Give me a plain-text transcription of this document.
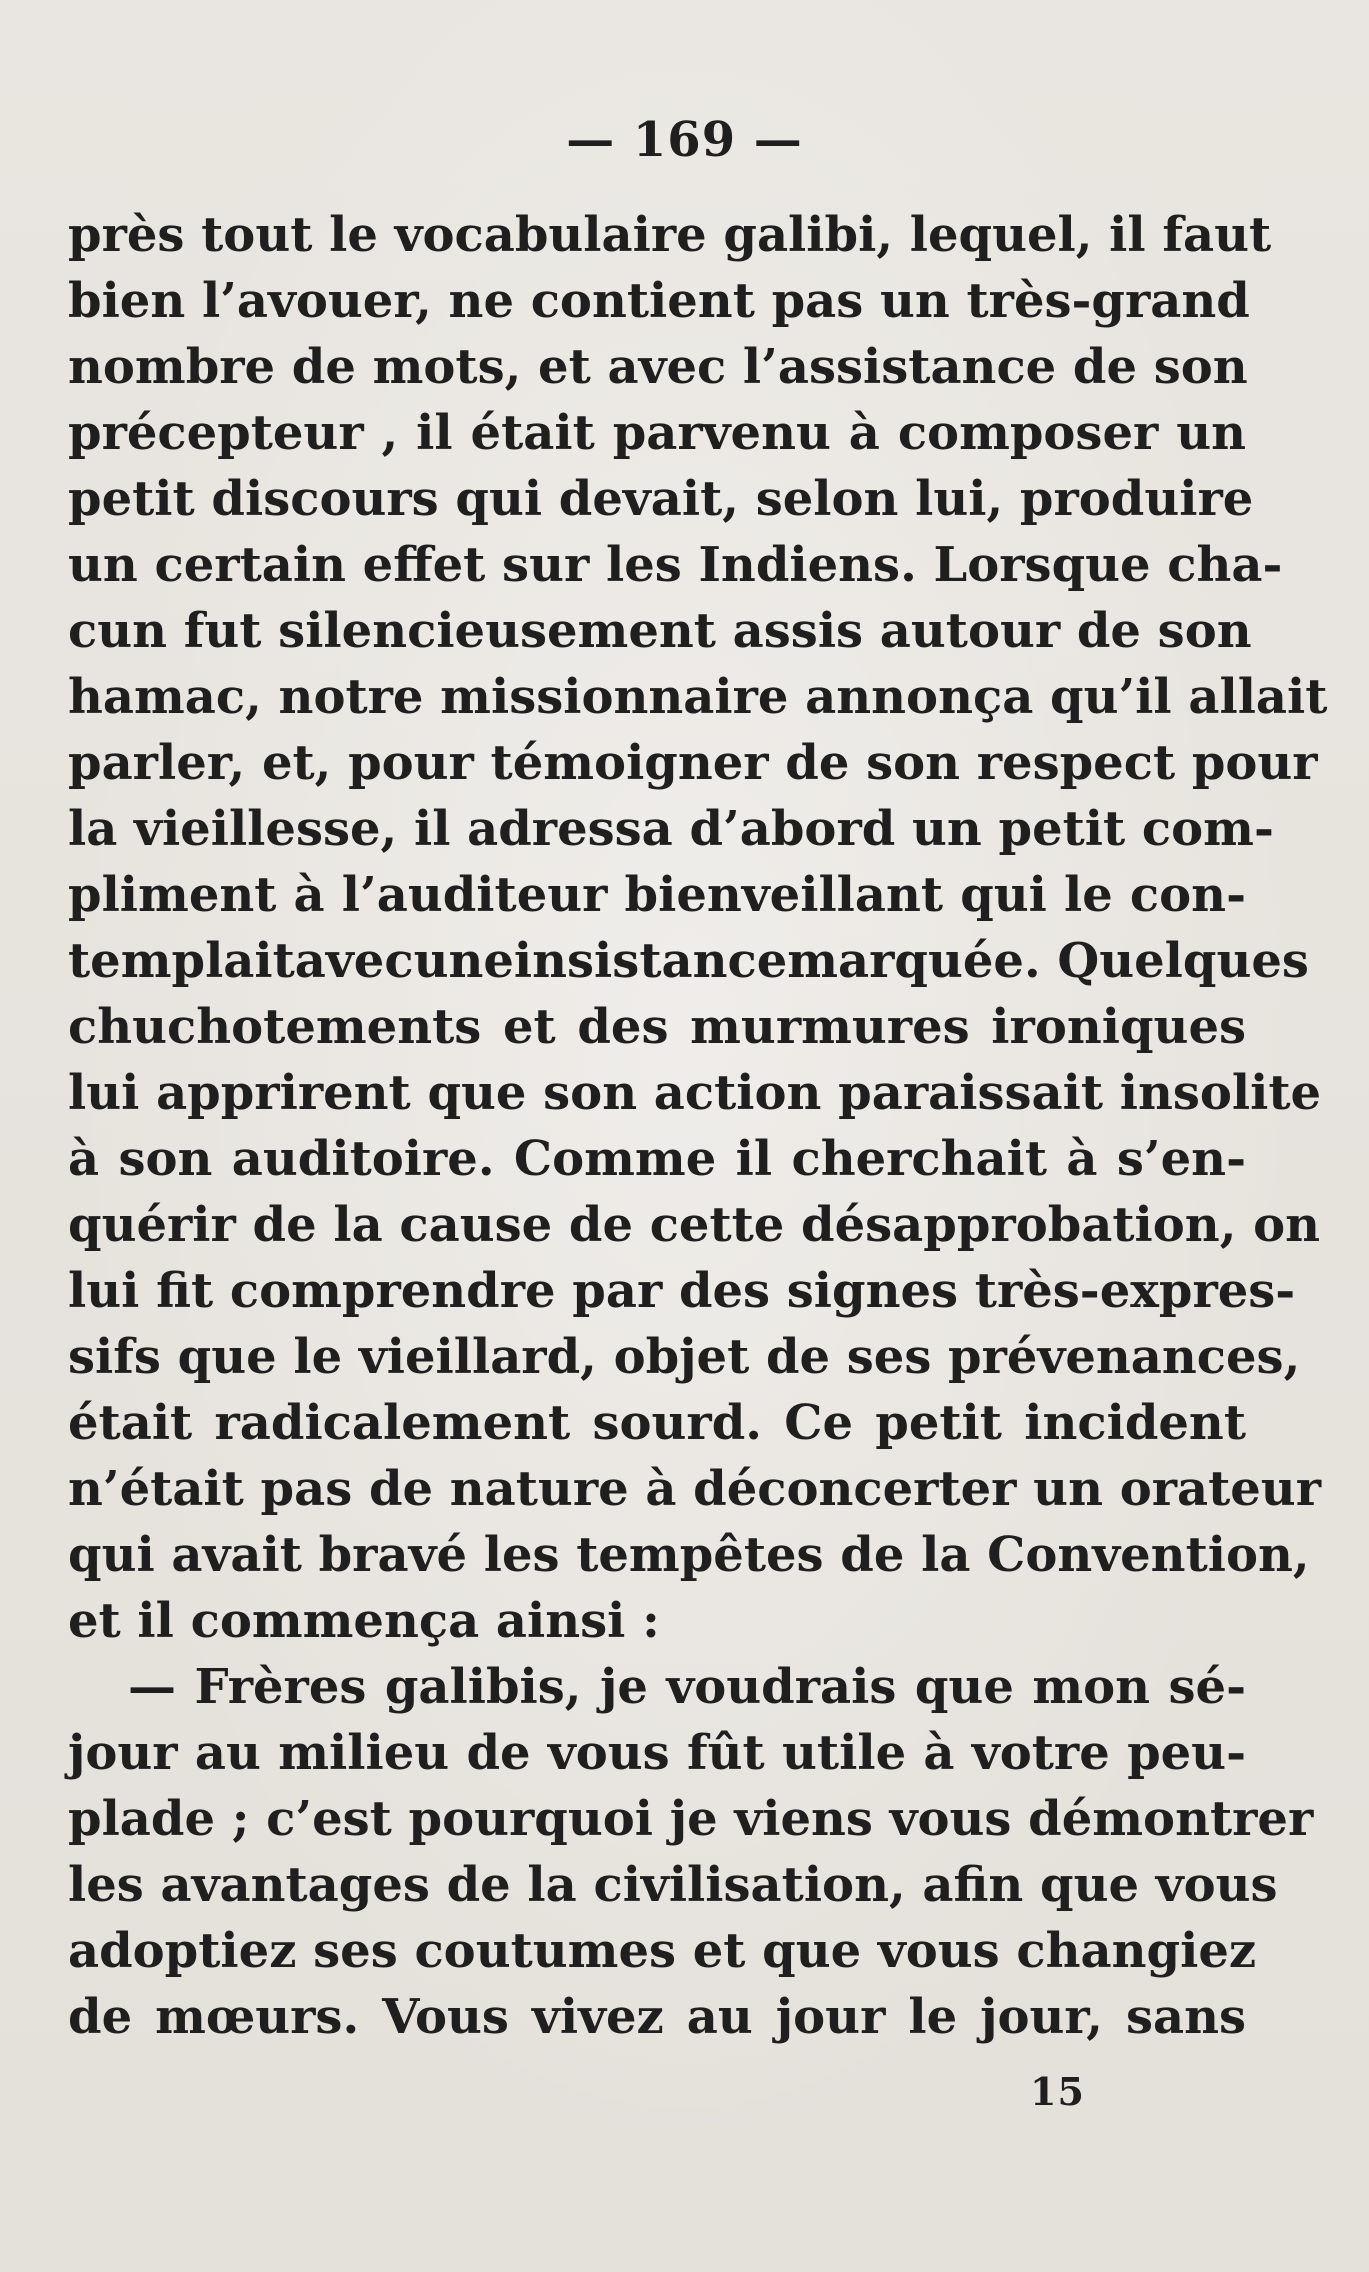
— 169 —
près tout le vocabulaire galibi, lequel, il faut
bien l’avouer, ne contient pas un très-grand
nombre de mots, et avec l’assistance de son
précepteur , il était parvenu à composer un
petit discours qui devait, selon lui, produire
un certain effet sur les Indiens. Lorsque cha-
cun fut silencieusement assis autour de son
hamac, notre missionnaire annonça qu’il allait
parler, et, pour témoigner de son respect pour
la vieillesse, il adressa d’abord un petit com-
pliment à l’auditeur bienveillant qui le con-
templaitavecuneinsistancemarquée. Quelques
chuchotements et des murmures ironiques
lui apprirent que son action paraissait insolite
à son auditoire. Comme il cherchait à s’en-
quérir de la cause de cette désapprobation, on
lui fit comprendre par des signes très-expres-
sifs que le vieillard, objet de ses prévenances,
était radicalement sourd. Ce petit incident
n’était pas de nature à déconcerter un orateur
qui avait bravé les tempêtes de la Convention,
et il commença ainsi :
— Frères galibis, je voudrais que mon sé-
jour au milieu de vous fût utile à votre peu-
plade ; c’est pourquoi je viens vous démontrer
les avantages de la civilisation, afin que vous
adoptiez ses coutumes et que vous changiez
de mœurs. Vous vivez au jour le jour, sans
15
